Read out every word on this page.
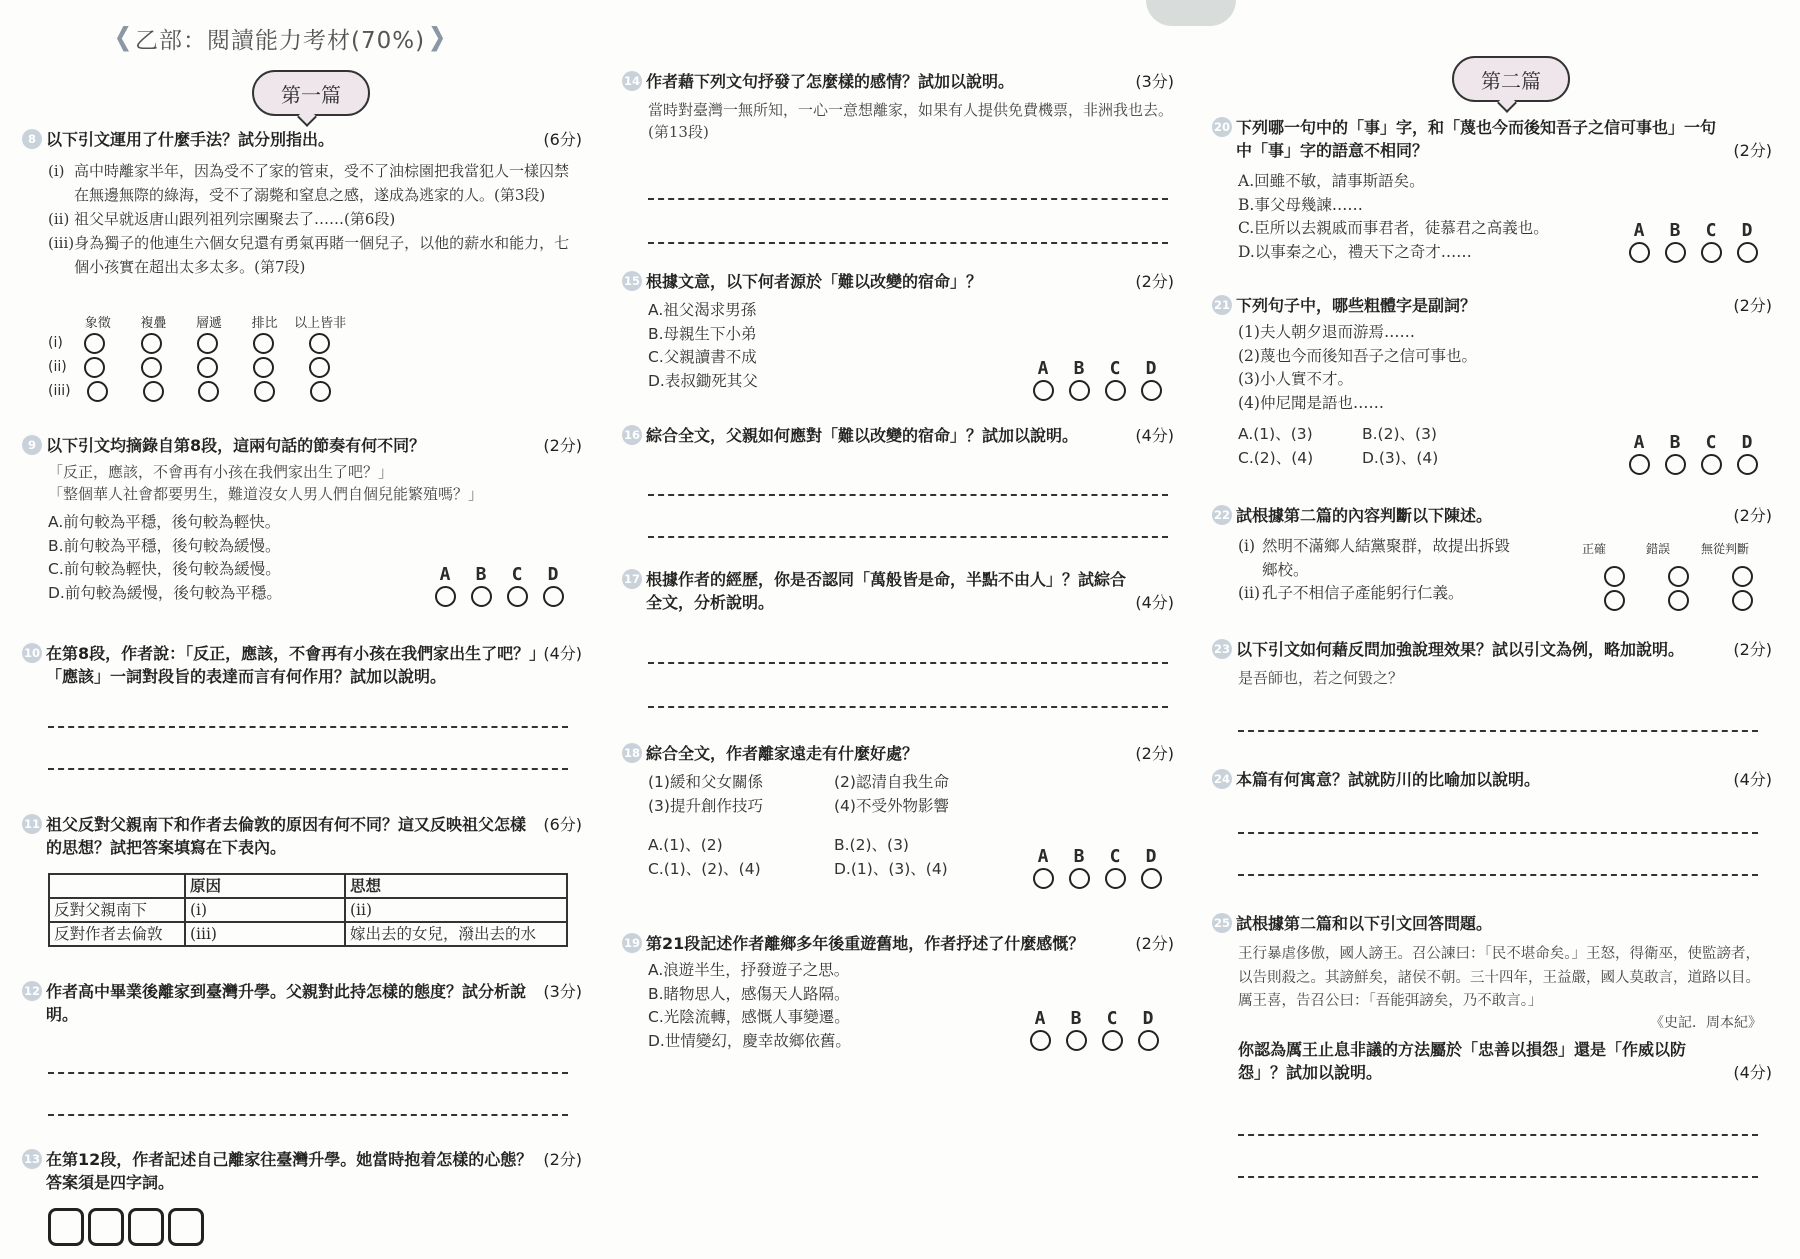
乙部：閱讀能力考材(70%)
第一篇
8 以下引文運用了什麼手法？試分別指出。	(6分)
(i) 高中時離家半年，因為受不了家的管束，受不了油棕園把我當犯人一樣囚禁在無邊無際的綠海，受不了溺斃和窒息之感，遂成為逃家的人。(第3段)
(ii) 祖父早就返唐山跟列祖列宗團聚去了……(第6段)
(iii) 身為獨子的他連生六個女兒還有勇氣再賭一個兒子，以他的薪水和能力，七個小孩實在超出太多太多。(第7段)
象徵	複疊	層遞	排比	以上皆非
(i)
(ii)
(iii)
9 以下引文均摘錄自第8段，這兩句話的節奏有何不同？	(2分)
「反正，應該，不會再有小孩在我們家出生了吧？」
「整個華人社會都要男生，難道沒女人男人們自個兒能繁殖嗎？」
A.前句較為平穩，後句較為輕快。
B.前句較為平穩，後句較為緩慢。
C.前句較為輕快，後句較為緩慢。
D.前句較為緩慢，後句較為平穩。
A B C D
10 在第8段，作者說：「反正，應該，不會再有小孩在我們家出生了吧？」「應該」一詞對段旨的表達而言有何作用？試加以說明。
(4分)
11 祖父反對父親南下和作者去倫敦的原因有何不同？這又反映祖父怎樣的思想？試把答案填寫在下表內。
(6分)
	原因	思想
反對父親南下	(i)	(ii)
反對作者去倫敦	(iii)	嫁出去的女兒，潑出去的水
12 作者高中畢業後離家到臺灣升學。父親對此持怎樣的態度？試分析說明。
(3分)
13 在第12段，作者記述自己離家往臺灣升學。她當時抱着怎樣的心態？答案須是四字詞。
(2分)
14 作者藉下列文句抒發了怎麼樣的感情？試加以說明。	(3分)
當時對臺灣一無所知，一心一意想離家，如果有人提供免費機票，非洲我也去。(第13段)
15 根據文意，以下何者源於「難以改變的宿命」？	(2分)
A.祖父渴求男孫
B.母親生下小弟
C.父親讀書不成
D.表叔鋤死其父
A B C D
16 綜合全文，父親如何應對「難以改變的宿命」？試加以說明。	(4分)
17 根據作者的經歷，你是否認同「萬般皆是命，半點不由人」？試綜合全文，分析說明。	(4分)
18 綜合全文，作者離家遠走有什麼好處？	(2分)
(1)緩和父女關係	(2)認清自我生命
(3)提升創作技巧	(4)不受外物影響
A.(1)、(2)	B.(2)、(3)
C.(1)、(2)、(4)	D.(1)、(3)、(4)
A B C D
19 第21段記述作者離鄉多年後重遊舊地，作者抒述了什麼感慨？	(2分)
A.浪遊半生，抒發遊子之思。
B.睹物思人，感傷天人路隔。
C.光陰流轉，感慨人事變遷。
D.世情變幻，慶幸故鄉依舊。
A B C D
第二篇
20 下列哪一句中的「事」字，和「蔑也今而後知吾子之信可事也」一句中「事」字的語意不相同？	(2分)
A.回雖不敏，請事斯語矣。
B.事父母幾諫……
C.臣所以去親戚而事君者，徒慕君之高義也。
D.以事秦之心，禮天下之奇才……
A B C D
21 下列句子中，哪些粗體字是副詞？	(2分)
(1)夫人朝夕退而游焉……
(2)蔑也今而後知吾子之信可事也。
(3)小人實不才。
(4)仲尼聞是語也……
A.(1)、(3)	B.(2)、(3)
C.(2)、(4)	D.(3)、(4)
A B C D
22 試根據第二篇的內容判斷以下陳述。	(2分)
正確	錯誤	無從判斷
(i) 然明不滿鄉人結黨聚群，故提出拆毀鄉校。
(ii) 孔子不相信子產能躬行仁義。
23 以下引文如何藉反問加強說理效果？試以引文為例，略加說明。	(2分)
是吾師也，若之何毀之？
24 本篇有何寓意？試就防川的比喻加以說明。	(4分)
25 試根據第二篇和以下引文回答問題。
王行暴虐侈傲，國人謗王。召公諫曰：「民不堪命矣。」王怒，得衛巫，使監謗者，以告則殺之。其謗鮮矣，諸侯不朝。三十四年，王益嚴，國人莫敢言，道路以目。厲王喜，告召公曰：「吾能弭謗矣，乃不敢言。」
《史記．周本紀》
你認為厲王止息非議的方法屬於「忠善以損怨」還是「作威以防怨」？試加以說明。	(4分)
